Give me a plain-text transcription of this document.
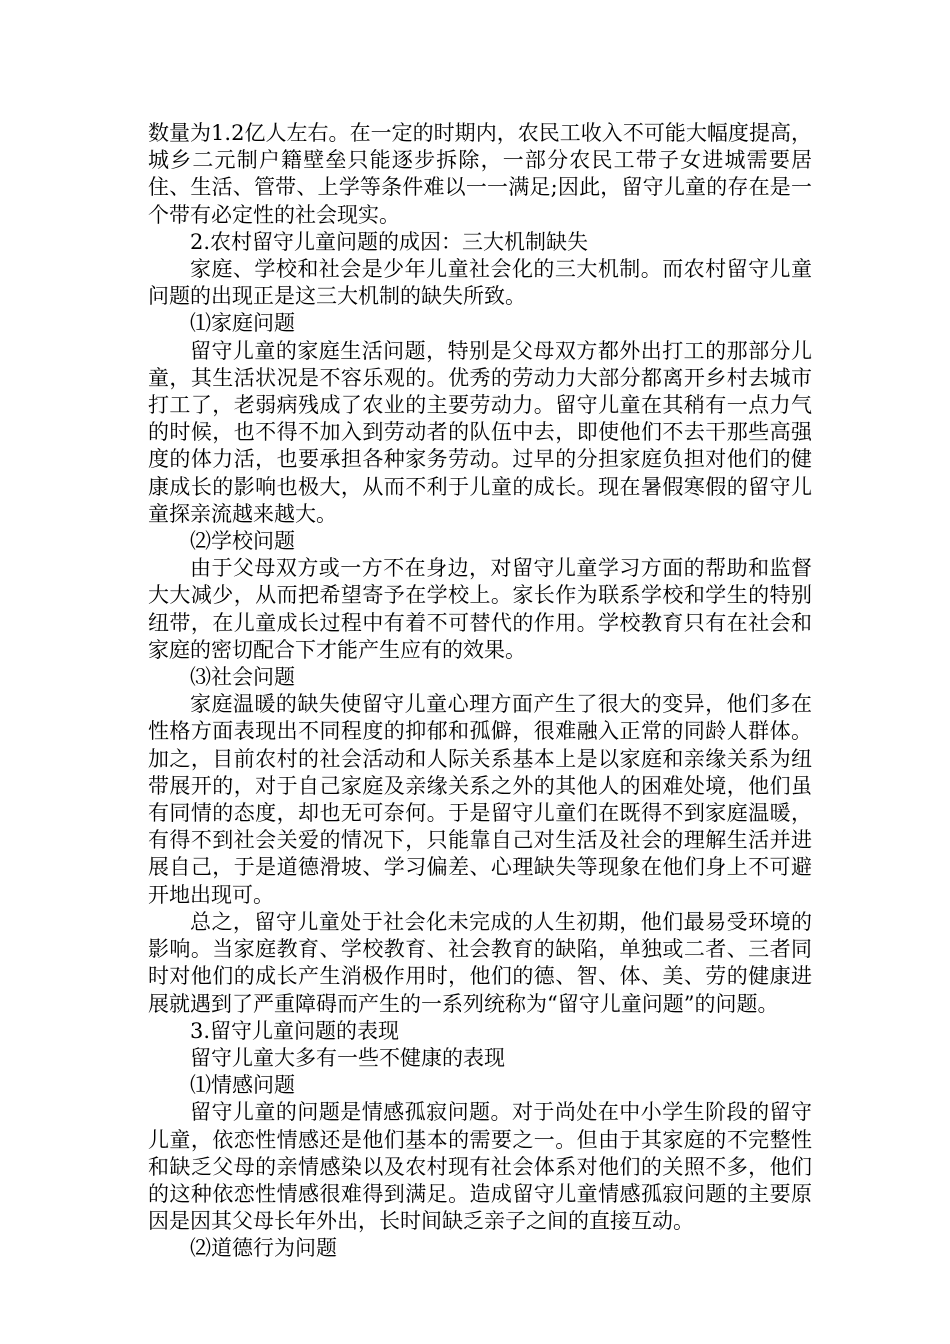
数量为1.2亿人左右。在一定的时期内，农民工收入不可能大幅度提高，城乡二元制户籍壁垒只能逐步拆除，一部分农民工带子女进城需要居住、生活、管带、上学等条件难以一一满足;因此，留守儿童的存在是一个带有必定性的社会现实。

2.农村留守儿童问题的成因：三大机制缺失

家庭、学校和社会是少年儿童社会化的三大机制。而农村留守儿童问题的出现正是这三大机制的缺失所致。

⑴家庭问题

留守儿童的家庭生活问题，特别是父母双方都外出打工的那部分儿童，其生活状况是不容乐观的。优秀的劳动力大部分都离开乡村去城市打工了，老弱病残成了农业的主要劳动力。留守儿童在其稍有一点力气的时候，也不得不加入到劳动者的队伍中去，即使他们不去干那些高强度的体力活，也要承担各种家务劳动。过早的分担家庭负担对他们的健康成长的影响也极大，从而不利于儿童的成长。现在暑假寒假的留守儿童探亲流越来越大。

⑵学校问题

由于父母双方或一方不在身边，对留守儿童学习方面的帮助和监督大大减少，从而把希望寄予在学校上。家长作为联系学校和学生的特别纽带，在儿童成长过程中有着不可替代的作用。学校教育只有在社会和家庭的密切配合下才能产生应有的效果。

⑶社会问题

家庭温暖的缺失使留守儿童心理方面产生了很大的变异，他们多在性格方面表现出不同程度的抑郁和孤僻，很难融入正常的同龄人群体。加之，目前农村的社会活动和人际关系基本上是以家庭和亲缘关系为纽带展开的，对于自己家庭及亲缘关系之外的其他人的困难处境，他们虽有同情的态度，却也无可奈何。于是留守儿童们在既得不到家庭温暖，有得不到社会关爱的情况下，只能靠自己对生活及社会的理解生活并进展自己，于是道德滑坡、学习偏差、心理缺失等现象在他们身上不可避开地出现可。

总之，留守儿童处于社会化未完成的人生初期，他们最易受环境的影响。当家庭教育、学校教育、社会教育的缺陷，单独或二者、三者同时对他们的成长产生消极作用时，他们的德、智、体、美、劳的健康进展就遇到了严重障碍而产生的一系列统称为“留守儿童问题”的问题。

3.留守儿童问题的表现

留守儿童大多有一些不健康的表现

⑴情感问题

留守儿童的问题是情感孤寂问题。对于尚处在中小学生阶段的留守儿童，依恋性情感还是他们基本的需要之一。但由于其家庭的不完整性和缺乏父母的亲情感染以及农村现有社会体系对他们的关照不多，他们的这种依恋性情感很难得到满足。造成留守儿童情感孤寂问题的主要原因是因其父母长年外出，长时间缺乏亲子之间的直接互动。

⑵道德行为问题
